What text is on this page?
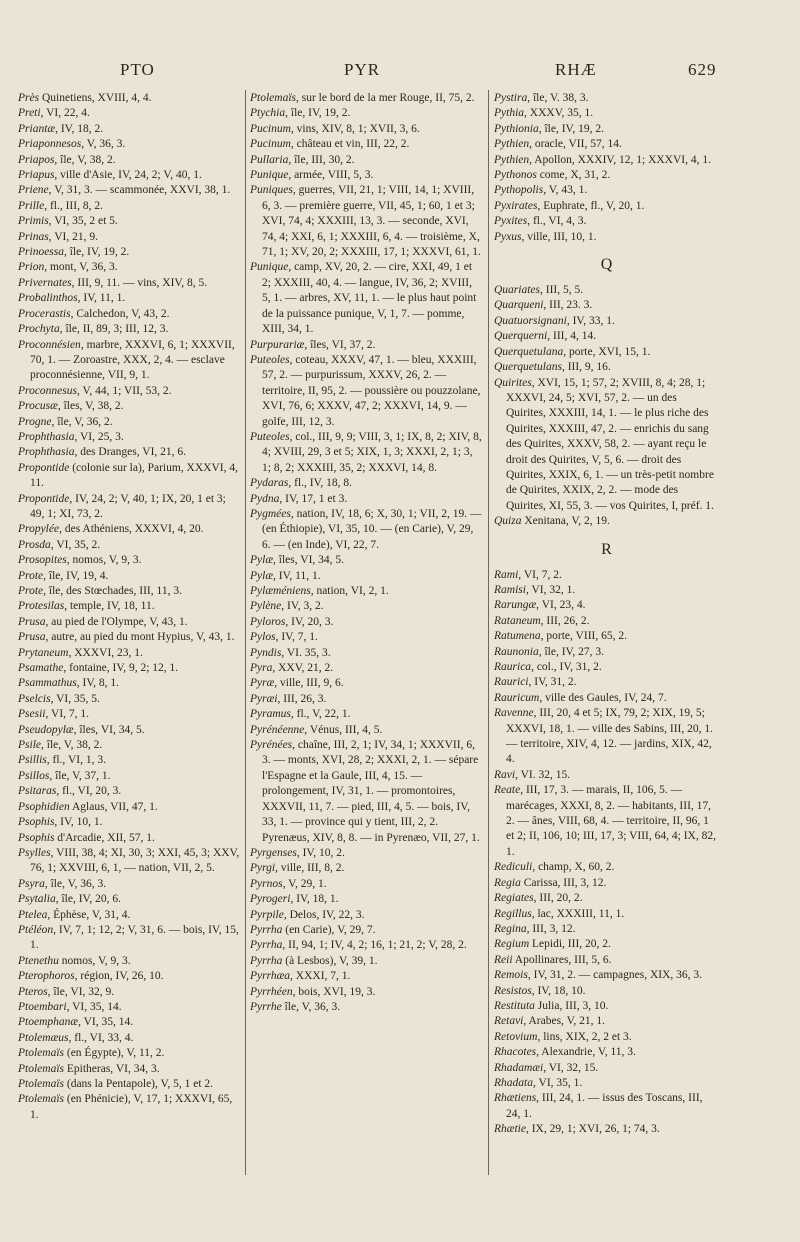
PTO	PYR	RHÆ	629

Près Quinetiens, XVIII, 4, 4.

Preti, VI, 22, 4.

Priantæ, IV, 18, 2.

Priaponnesos, V, 36, 3.

Priapos, île, V, 38, 2.

Priapus, ville d'Asie, IV, 24, 2; V, 40, 1.

Priene, V, 31, 3. — scammonée, XXVI, 38, 1.

Prille, fl., III, 8, 2.

Primis, VI, 35, 2 et 5.

Prinas, VI, 21, 9.

Prinoessa, île, IV, 19, 2.

Prion, mont, V, 36, 3.

Privernates, III, 9, 11. — vins, XIV, 8, 5.

Probalinthos, IV, 11, 1.

Procerastis, Calchedon, V, 43, 2.

Prochyta, île, II, 89, 3; III, 12, 3.

Proconnésien, marbre, XXXVI, 6, 1; XXXVII, 70, 1. — Zoroastre, XXX, 2, 4. — esclave proconnésienne, VII, 9, 1.

Proconnesus, V, 44, 1; VII, 53, 2.

Procusæ, îles, V, 38, 2.

Progne, île, V, 36, 2.

Prophthasia, VI, 25, 3.

Prophthasia, des Dranges, VI, 21, 6.

Propontide (colonie sur la), Parium, XXXVI, 4, 11.

Propontide, IV, 24, 2; V, 40, 1; IX, 20, 1 et 3; 49, 1; XI, 73, 2.

Propylée, des Athéniens, XXXVI, 4, 20.

Prosda, VI, 35, 2.

Prosopites, nomos, V, 9, 3.

Prote, île, IV, 19, 4.

Prote, île, des Stœchades, III, 11, 3.

Protesilas, temple, IV, 18, 11.

Prusa, au pied de l'Olympe, V, 43, 1.

Prusa, autre, au pied du mont Hypius, V, 43, 1.

Prytaneum, XXXVI, 23, 1.

Psamathe, fontaine, IV, 9, 2; 12, 1.

Psammathus, IV, 8, 1.

Pselcis, VI, 35, 5.

Psesii, VI, 7, 1.

Pseudopylæ, îles, VI, 34, 5.

Psile, île, V, 38, 2.

Psillis, fl., VI, 1, 3.

Psillos, île, V, 37, 1.

Psitaras, fl., VI, 20, 3.

Psophidien Aglaus, VII, 47, 1.

Psophis, IV, 10, 1.

Psophis d'Arcadie, XII, 57, 1.

Psylles, VIII, 38, 4; XI, 30, 3; XXI, 45, 3; XXV, 76, 1; XXVIII, 6, 1, — nation, VII, 2, 5.

Psyra, île, V, 36, 3.

Psytalia, île, IV, 20, 6.

Ptelea, Éphèse, V, 31, 4.

Ptéléon, IV, 7, 1; 12, 2; V, 31, 6. — bois, IV, 15, 1.

Ptenethu nomos, V, 9, 3.

Pterophoros, région, IV, 26, 10.

Pteros, île, VI, 32, 9.

Ptoembari, VI, 35, 14.

Ptoemphanæ, VI, 35, 14.

Ptolemæus, fl., VI, 33, 4.

Ptolemaïs (en Égypte), V, 11, 2.

Ptolemaïs Epitheras, VI, 34, 3.

Ptolemaïs (dans la Pentapole), V, 5, 1 et 2.

Ptolemaïs (en Phénicie), V, 17, 1; XXXVI, 65, 1.

Ptolemaïs, sur le bord de la mer Rouge, II, 75, 2.

Ptychia, île, IV, 19, 2.

Pucinum, vins, XIV, 8, 1; XVII, 3, 6.

Pucinum, château et vin, III, 22, 2.

Pullaria, île, III, 30, 2.

Punique, armée, VIII, 5, 3.

Puniques, guerres, VII, 21, 1; VIII, 14, 1; XVIII, 6, 3. — première guerre, VII, 45, 1; 60, 1 et 3; XVI, 74, 4; XXXIII, 13, 3. — seconde, XVI, 74, 4; XXI, 6, 1; XXXIII, 6, 4. — troisième, X, 71, 1; XV, 20, 2; XXXIII, 17, 1; XXXVI, 61, 1.

Punique, camp, XV, 20, 2. — cire, XXI, 49, 1 et 2; XXXIII, 40, 4. — langue, IV, 36, 2; XVIII, 5, 1. — arbres, XV, 11, 1. — le plus haut point de la puissance punique, V, 1, 7. — pomme, XIII, 34, 1.

Purpurariæ, îles, VI, 37, 2.

Puteoles, coteau, XXXV, 47, 1. — bleu, XXXIII, 57, 2. — purpurissum, XXXV, 26, 2. — territoire, II, 95, 2. — poussière ou pouzzolane, XVI, 76, 6; XXXV, 47, 2; XXXVI, 14, 9. — golfe, III, 12, 3.

Puteoles, col., III, 9, 9; VIII, 3, 1; IX, 8, 2; XIV, 8, 4; XVIII, 29, 3 et 5; XIX, 1, 3; XXXI, 2, 1; 3, 1; 8, 2; XXXIII, 35, 2; XXXVI, 14, 8.

Pydaras, fl., IV, 18, 8.

Pydna, IV, 17, 1 et 3.

Pygmées, nation, IV, 18, 6; X, 30, 1; VII, 2, 19. — (en Éthiopie), VI, 35, 10. — (en Carie), V, 29, 6. — (en Inde), VI, 22, 7.

Pylæ, îles, VI, 34, 5.

Pylæ, IV, 11, 1.

Pylæméniens, nation, VI, 2, 1.

Pylène, IV, 3, 2.

Pyloros, IV, 20, 3.

Pylos, IV, 7, 1.

Pyndis, VI. 35, 3.

Pyra, XXV, 21, 2.

Pyræ, ville, III, 9, 6.

Pyræi, III, 26, 3.

Pyramus, fl., V, 22, 1.

Pyrénéenne, Vénus, III, 4, 5.

Pyrénées, chaîne, III, 2, 1; IV, 34, 1; XXXVII, 6, 3. — monts, XVI, 28, 2; XXXI, 2, 1. — sépare l'Espagne et la Gaule, III, 4, 15. — prolongement, IV, 31, 1. — promontoires, XXXVII, 11, 7. — pied, III, 4, 5. — bois, IV, 33, 1. — province qui y tient, III, 2, 2. Pyrenæus, XIV, 8, 8. — in Pyrenæo, VII, 27, 1.

Pyrgenses, IV, 10, 2.

Pyrgi, ville, III, 8, 2.

Pyrnos, V, 29, 1.

Pyrogeri, IV, 18, 1.

Pyrpile, Delos, IV, 22, 3.

Pyrrha (en Carie), V, 29, 7.

Pyrrha, II, 94, 1; IV, 4, 2; 16, 1; 21, 2; V, 28, 2.

Pyrrha (à Lesbos), V, 39, 1.

Pyrrhæa, XXXI, 7, 1.

Pyrrhéen, bois, XVI, 19, 3.

Pyrrhe île, V, 36, 3.

Pystira, île, V. 38, 3.

Pythia, XXXV, 35, 1.

Pythionia, île, IV, 19, 2.

Pythien, oracle, VII, 57, 14.

Pythien, Apollon, XXXIV, 12, 1; XXXVI, 4, 1.

Pythonos come, X, 31, 2.

Pythopolis, V, 43, 1.

Pyxirates, Euphrate, fl., V, 20, 1.

Pyxites, fl., VI, 4, 3.

Pyxus, ville, III, 10, 1.

Q

Quariates, III, 5, 5.

Quarqueni, III, 23. 3.

Quatuorsignani, IV, 33, 1.

Querquerni, III, 4, 14.

Querquetulana, porte, XVI, 15, 1.

Querquetulans, III, 9, 16.

Quirites, XVI, 15, 1; 57, 2; XVIII, 8, 4; 28, 1; XXXVI, 24, 5; XVI, 57, 2. — un des Quirites, XXXIII, 14, 1. — le plus riche des Quirites, XXXIII, 47, 2. — enrichis du sang des Quirites, XXXV, 58, 2. — ayant reçu le droit des Quirites, V, 5, 6. — droit des Quirites, XXIX, 6, 1. — un très-petit nombre de Quirites, XXIX, 2, 2. — mode des Quirites, XI, 55, 3. — vos Quirites, I, préf. 1.

Quiza Xenitana, V, 2, 19.

R

Rami, VI, 7, 2.

Ramisi, VI, 32, 1.

Rarungæ, VI, 23, 4.

Rataneum, III, 26, 2.

Ratumena, porte, VIII, 65, 2.

Raunonia, île, IV, 27, 3.

Raurica, col., IV, 31, 2.

Raurici, IV, 31, 2.

Rauricum, ville des Gaules, IV, 24, 7.

Ravenne, III, 20, 4 et 5; IX, 79, 2; XIX, 19, 5; XXXVI, 18, 1. — ville des Sabins, III, 20, 1. — territoire, XIV, 4, 12. — jardins, XIX, 42, 4.

Ravi, VI. 32, 15.

Reate, III, 17, 3. — marais, II, 106, 5. — marécages, XXXI, 8, 2. — habitants, III, 17, 2. — ânes, VIII, 68, 4. — territoire, II, 96, 1 et 2; II, 106, 10; III, 17, 3; VIII, 64, 4; IX, 82, 1.

Rediculi, champ, X, 60, 2.

Regia Carissa, III, 3, 12.

Regiates, III, 20, 2.

Regillus, lac, XXXIII, 11, 1.

Regina, III, 3, 12.

Regium Lepidi, III, 20, 2.

Reii Apollinares, III, 5, 6.

Remois, IV, 31, 2. — campagnes, XIX, 36, 3.

Resistos, IV, 18, 10.

Restituta Julia, III, 3, 10.

Retavi, Arabes, V, 21, 1.

Retovium, lins, XIX, 2, 2 et 3.

Rhacotes, Alexandrie, V, 11, 3.

Rhadamæi, VI, 32, 15.

Rhadata, VI, 35, 1.

Rhætiens, III, 24, 1. — issus des Toscans, III, 24, 1.

Rhætie, IX, 29, 1; XVI, 26, 1; 74, 3.
